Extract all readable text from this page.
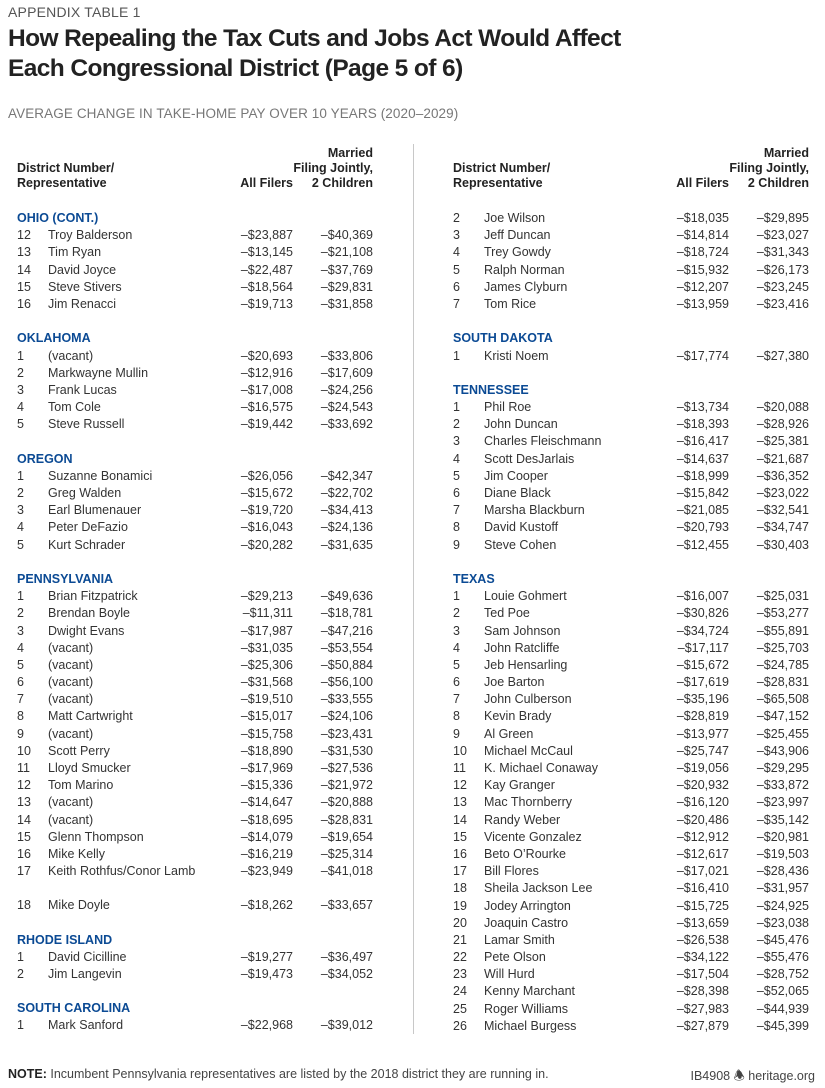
APPENDIX TABLE 1
How Repealing the Tax Cuts and Jobs Act Would Affect
Each Congressional District (Page 5 of 6)
AVERAGE CHANGE IN TAKE-HOME PAY OVER 10 YEARS (2020–2029)
District Number/
Representative	All Filers
Married
Filing Jointly,
2 Children
OHIO (CONT.)
12 Troy Balderson	–$23,887 –$40,369
13 Tim Ryan	–$13,145 –$21,108
14 David Joyce	–$22,487 –$37,769
15 Steve Stivers	–$18,564 –$29,831
16 Jim Renacci	–$19,713 –$31,858
OKLAHOMA
1 (vacant)	–$20,693 –$33,806
2 Markwayne Mullin	–$12,916 –$17,609
3 Frank Lucas	–$17,008 –$24,256
4 Tom Cole	–$16,575 –$24,543
5 Steve Russell	–$19,442 –$33,692
OREGON
1 Suzanne Bonamici	–$26,056 –$42,347
2 Greg Walden	–$15,672 –$22,702
3 Earl Blumenauer	–$19,720 –$34,413
4 Peter DeFazio	–$16,043 –$24,136
5 Kurt Schrader	–$20,282 –$31,635
PENNSYLVANIA
1 Brian Fitzpatrick	–$29,213 –$49,636
2 Brendan Boyle	–$11,311 –$18,781
3 Dwight Evans	–$17,987 –$47,216
4 (vacant)	–$31,035 –$53,554
5 (vacant)	–$25,306 –$50,884
6 (vacant)	–$31,568 –$56,100
7 (vacant)	–$19,510 –$33,555
8 Matt Cartwright	–$15,017 –$24,106
9 (vacant)	–$15,758 –$23,431
10 Scott Perry	–$18,890 –$31,530
11 Lloyd Smucker	–$17,969 –$27,536
12 Tom Marino	–$15,336 –$21,972
13 (vacant)	–$14,647 –$20,888
14 (vacant)	–$18,695 –$28,831
15 Glenn Thompson	–$14,079 –$19,654
16 Mike Kelly	–$16,219 –$25,314
17 Keith Rothfus/Conor Lamb	–$23,949 –$41,018
18 Mike Doyle	–$18,262 –$33,657
RHODE ISLAND
1 David Cicilline	–$19,277 –$36,497
2 Jim Langevin	–$19,473 –$34,052
SOUTH CAROLINA
1 Mark Sanford	–$22,968 –$39,012
District Number/
Representative	All Filers
Married
Filing Jointly,
2 Children
2 Joe Wilson	–$18,035 –$29,895
3 Jeff Duncan	–$14,814 –$23,027
4 Trey Gowdy	–$18,724 –$31,343
5 Ralph Norman	–$15,932 –$26,173
6 James Clyburn	–$12,207 –$23,245
7 Tom Rice	–$13,959 –$23,416
SOUTH DAKOTA
1 Kristi Noem	–$17,774 –$27,380
TENNESSEE
1 Phil Roe	–$13,734 –$20,088
2 John Duncan	–$18,393 –$28,926
3 Charles Fleischmann	–$16,417 –$25,381
4 Scott DesJarlais	–$14,637 –$21,687
5 Jim Cooper	–$18,999 –$36,352
6 Diane Black	–$15,842 –$23,022
7 Marsha Blackburn	–$21,085 –$32,541
8 David Kustoff	–$20,793 –$34,747
9 Steve Cohen	–$12,455 –$30,403
TEXAS
1 Louie Gohmert	–$16,007 –$25,031
2 Ted Poe	–$30,826 –$53,277
3 Sam Johnson	–$34,724 –$55,891
4 John Ratcliffe	–$17,117 –$25,703
5 Jeb Hensarling	–$15,672 –$24,785
6 Joe Barton	–$17,619 –$28,831
7 John Culberson	–$35,196 –$65,508
8 Kevin Brady	–$28,819 –$47,152
9 Al Green	–$13,977 –$25,455
10 Michael McCaul	–$25,747 –$43,906
11 K. Michael Conaway	–$19,056 –$29,295
12 Kay Granger	–$20,932 –$33,872
13 Mac Thornberry	–$16,120 –$23,997
14 Randy Weber	–$20,486 –$35,142
15 Vicente Gonzalez	–$12,912 –$20,981
16 Beto O’Rourke	–$12,617 –$19,503
17 Bill Flores	–$17,021 –$28,436
18 Sheila Jackson Lee	–$16,410 –$31,957
19 Jodey Arrington	–$15,725 –$24,925
20 Joaquin Castro	–$13,659 –$23,038
21 Lamar Smith	–$26,538 –$45,476
22 Pete Olson	–$34,122 –$55,476
23 Will Hurd	–$17,504 –$28,752
24 Kenny Marchant	–$28,398 –$52,065
25 Roger Williams	–$27,983 –$44,939
26 Michael Burgess	–$27,879 –$45,399
NOTE: Incumbent Pennsylvania representatives are listed by the 2018 district they are running in.	IB4908 🕭 heritage.org
